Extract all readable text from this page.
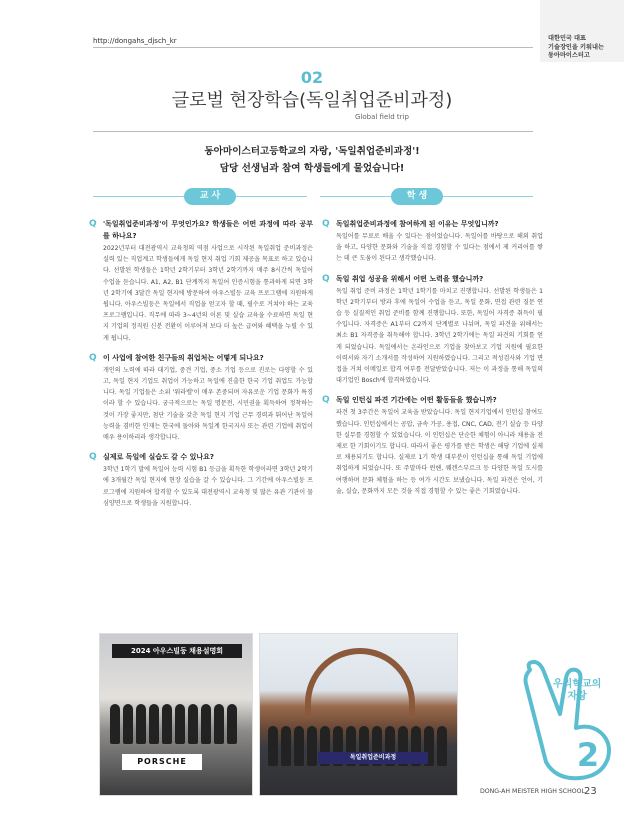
http://dongahs_djsch_kr	대한민국 대표
기술장인을 키워내는
동아마이스터고
02
글로벌 현장학습(독일취업준비과정)
Global field trip
동아마이스터고등학교의 자랑, '독일취업준비과정'!
담당 선생님과 참여 학생들에게 물었습니다!
교 사	학 생
Q '독일취업준비과정'이 무엇인가요? 학생들은 어떤 과정에 따라 공부를 하나요?
2022년부터 대전광역시 교육청의 역점 사업으로 시작된 독일취업 준비과정은 실력 있는 직업계고 학생들에게 독일 현지 취업 기회 제공을 목표로 하고 있습니다. 선발된 학생들은 1학년 2학기부터 3학년 2학기까지 매주 8시간씩 독일어 수업을 듣습니다. A1, A2, B1 단계까지 독일어 인증시험을 통과하게 되면 3학년 2학기에 3달간 독일 현지에 방문하여 아우스빌등 교육 프로그램에 지원하게 됩니다. 아우스빌둥은 독일에서 직업을 얻고자 할 때, 필수로 거쳐야 하는 교육 프로그램입니다. 직무에 따라 3~4년의 이론 및 실습 교육을 수료하면 독일 현지 기업의 정직원 신분 전환이 이루어져 보다 더 높은 급여와 혜택을 누릴 수 있게 됩니다.
Q 이 사업에 참여한 친구들의 취업처는 어떻게 되나요?
개인의 노력에 따라 대기업, 중견 기업, 중소 기업 등으로 진로는 다양할 수 있고, 독일 현지 기업도 취업이 가능하고 독일에 진출한 한국 기업 취업도 가능합니다. 독일 기업들은 소위 '워라밸'이 매우 존중되며 자유로운 기업 문화가 특징이라 할 수 있습니다. 궁극적으로는 독일 명문전, 시민권을 획득하여 정착하는 것이 가장 좋지만, 첨단 기술을 갖춘 독일 현지 기업 근무 경력과 뛰어난 독일어 능력을 겸비한 인재는 한국에 돌아와 독일계 한국지사 또는 관련 기업에 취업이 매우 용이하리라 생각합니다.
Q 실제로 독일에 실습도 갈 수 있나요?
3학년 1학기 말에 독일어 능력 시험 B1 등급을 획득한 학생이라면 3학년 2학기에 3개월간 독일 현지에 현장 실습을 갈 수 있습니다. 그 기간에 아우스빌둥 프로그램에 지원하여 합격할 수 있도록 대전광역시 교육청 및 많은 유관 기관이 물심양면으로 학생들을 지원합니다.
Q 독일취업준비과정에 참여하게 된 이유는 무엇입니까?
독일어를 무료로 배울 수 있다는 점이었습니다. 독일어를 바탕으로 해외 취업을 하고, 다양한 문화와 기술을 직접 경험할 수 있다는 점에서 제 커리어를 쌓는 데 큰 도움이 된다고 생각했습니다.
Q 독일 취업 성공을 위해서 어떤 노력을 했습니까?
독일 취업 준비 과정은 1학년 1학기를 마치고 진행합니다. 선발된 학생들은 1학년 2학기부터 방과 후에 독일어 수업을 듣고, 독일 문화, 면접 관련 질문 연습 등 실질적인 취업 준비를 함께 진행합니다. 또한, 독일어 자격증 취득이 필수입니다. 자격증은 A1부터 C2까지 단계별로 나뉘며, 독일 파견을 위해서는 최소 B1 자격증을 취득해야 합니다. 3학년 2학기에는 독일 파견의 기회를 얻게 되었습니다. 독일에서는 온라인으로 기업을 찾아보고 기업 지원에 필요한 이력서와 자기 소개서를 작성하여 지원하였습니다. 그리고 적성검사와 기업 면접을 거쳐 이메일로 합격 여부를 전달받았습니다. 저는 이 과정을 통해 독일의 대기업인 Bosch에 합격하였습니다.
Q 독일 인턴십 파견 기간에는 어떤 활동들을 했습니까?
파견 첫 3주간은 독일어 교육을 받았습니다. 독일 현지기업에서 인턴십 참여도 했습니다. 인턴십에서는 공압, 금속 가공, 용접, CNC, CAD, 전기 실습 등 다양한 실무를 경험할 수 있었습니다. 이 인턴십은 단순한 체험이 아니라 채용을 전제로 한 기회이기도 합니다. 따라서 좋은 평가를 받은 학생은 해당 기업에 실제로 채용되기도 합니다. 실제로 1기 학생 대부분이 인턴십을 통해 독일 기업에 취업하게 되었습니다. 또 주말마다 뮌헨, 퀘겐스부르크 등 다양한 독일 도시를 여행하며 문화 체험을 하는 등 여가 시간도 보냈습니다. 독일 파견은 언어, 기술, 실습, 문화까지 모든 것을 직접 경험할 수 있는 좋은 기회였습니다.
2024 아우스빌둥 채용설명회
PORSCHE	독일취업준비과정	2
우리학교의
자랑
DONG-AH MEISTER HIGH SCHOOL 23
